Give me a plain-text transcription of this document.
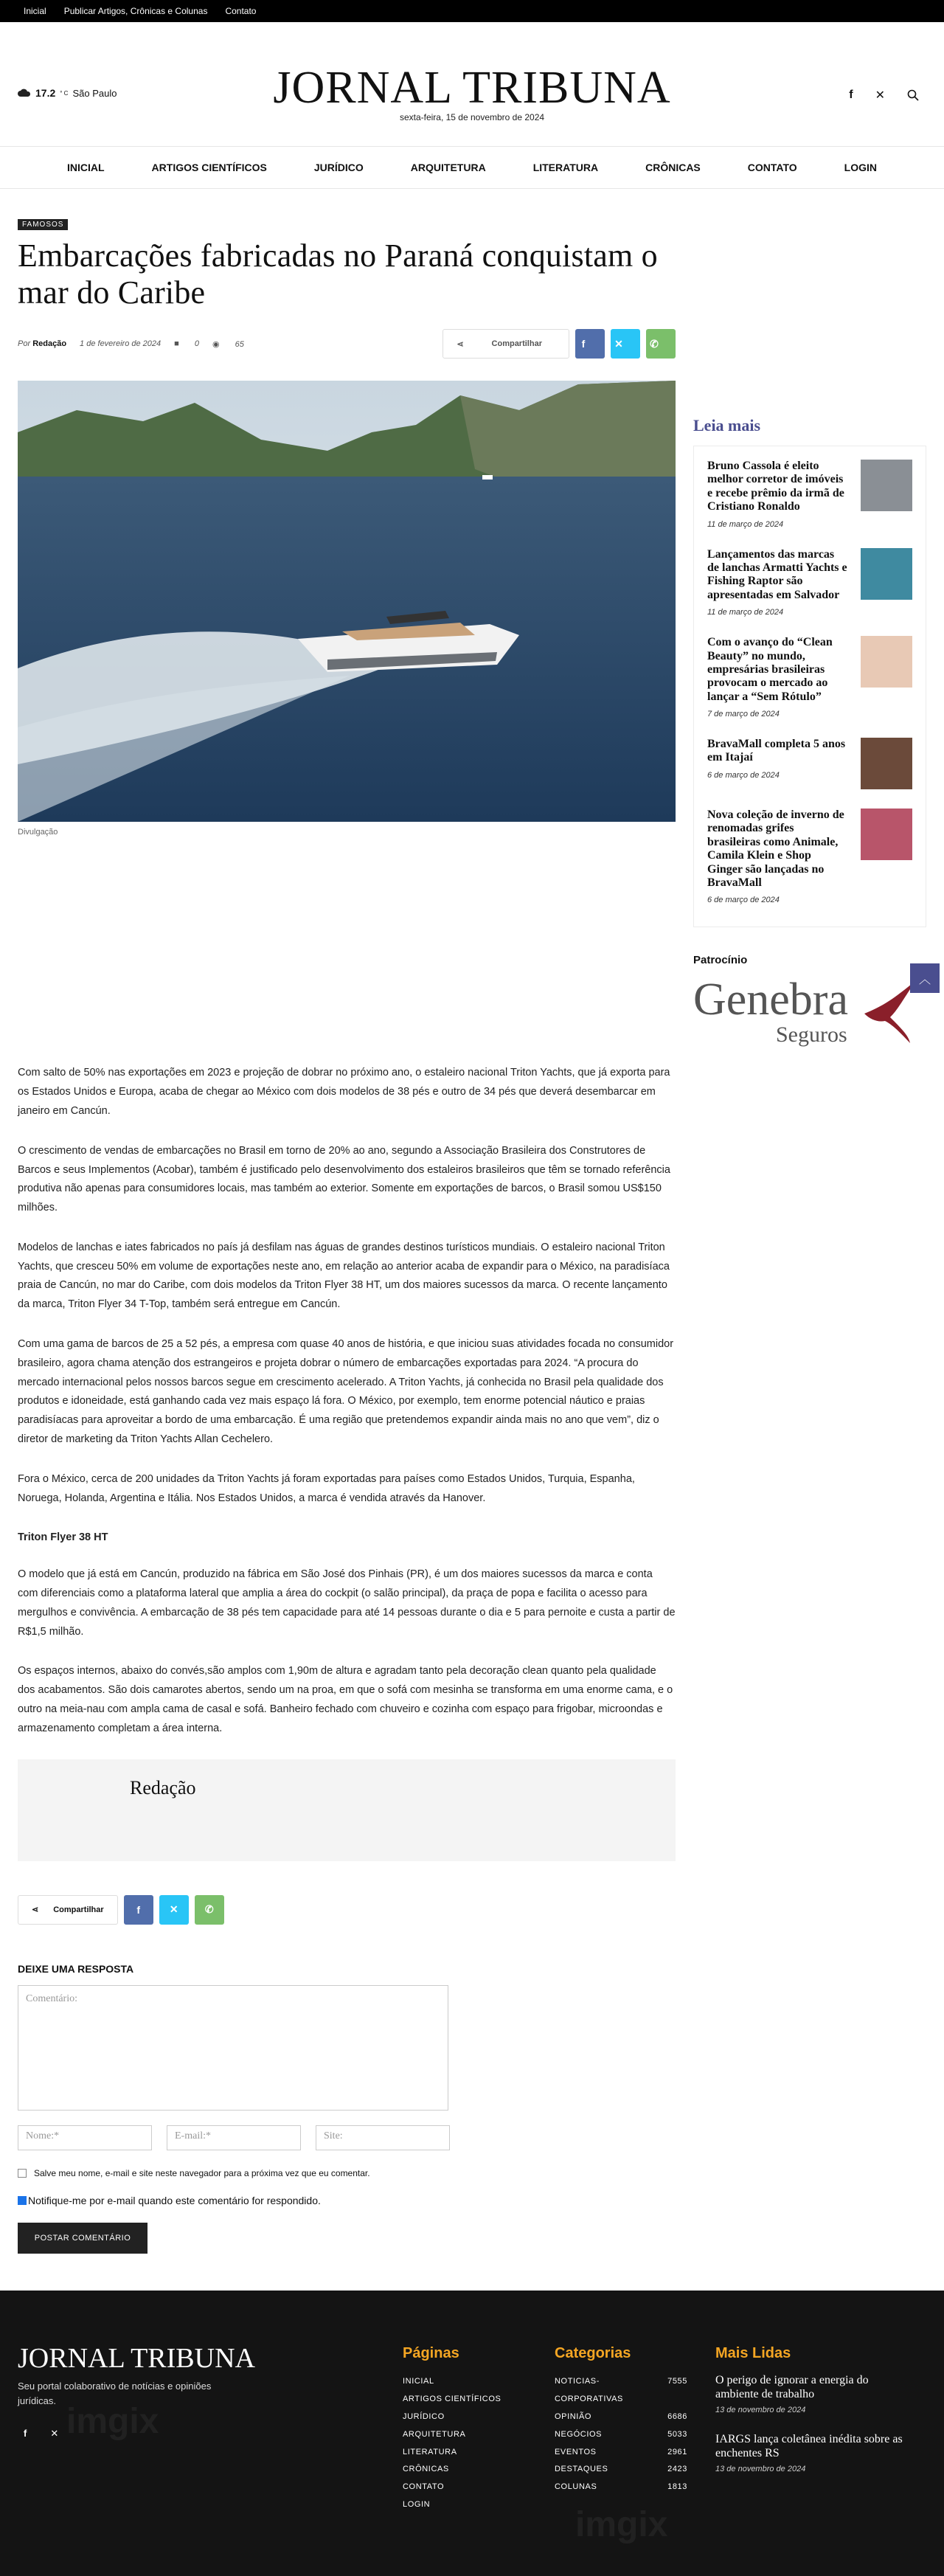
Inicial Publicar Artigos, Crônicas e Colunas Contato
17.2 ° C São Paulo	JORNAL TRIBUNA
sexta-feira, 15 de novembro de 2024
f ✕
INICIAL	ARTIGOS CIENTÍFICOS	JURÍDICO	ARQUITETURA	LITERATURA	CRÔNICAS	CONTATO	LOGIN
FAMOSOS
Embarcações fabricadas no Paraná conquistam o mar do Caribe
Por Redação 1 de fevereiro de 2024 ■ 0 ◉ 65	⋖	Compartilhar	f	✕	✆
Divulgação

Com salto de 50% nas exportações em 2023 e projeção de dobrar no próximo ano, o estaleiro nacional Triton Yachts, que já exporta para os Estados Unidos e Europa, acaba de chegar ao México com dois modelos de 38 pés e outro de 34 pés que deverá desembarcar em janeiro em Cancún.

O crescimento de vendas de embarcações no Brasil em torno de 20% ao ano, segundo a Associação Brasileira dos Construtores de Barcos e seus Implementos (Acobar), também é justificado pelo desenvolvimento dos estaleiros brasileiros que têm se tornado referência produtiva não apenas para consumidores locais, mas também ao exterior. Somente em exportações de barcos, o Brasil somou US$150 milhões.

Modelos de lanchas e iates fabricados no país já desfilam nas águas de grandes destinos turísticos mundiais. O estaleiro nacional Triton Yachts, que cresceu 50% em volume de exportações neste ano, em relação ao anterior acaba de expandir para o México, na paradisíaca praia de Cancún, no mar do Caribe, com dois modelos da Triton Flyer 38 HT, um dos maiores sucessos da marca. O recente lançamento da marca, Triton Flyer 34 T-Top, também será entregue em Cancún.

Com uma gama de barcos de 25 a 52 pés, a empresa com quase 40 anos de história, e que iniciou suas atividades focada no consumidor brasileiro, agora chama atenção dos estrangeiros e projeta dobrar o número de embarcações exportadas para 2024. “A procura do mercado internacional pelos nossos barcos segue em crescimento acelerado. A Triton Yachts, já conhecida no Brasil pela qualidade dos produtos e idoneidade, está ganhando cada vez mais espaço lá fora. O México, por exemplo, tem enorme potencial náutico e praias paradisíacas para aproveitar a bordo de uma embarcação. É uma região que pretendemos expandir ainda mais no ano que vem”, diz o diretor de marketing da Triton Yachts Allan Cechelero.

Fora o México, cerca de 200 unidades da Triton Yachts já foram exportadas para países como Estados Unidos, Turquia, Espanha, Noruega, Holanda, Argentina e Itália. Nos Estados Unidos, a marca é vendida através da Hanover.

Triton Flyer 38 HT

O modelo que já está em Cancún, produzido na fábrica em São José dos Pinhais (PR), é um dos maiores sucessos da marca e conta com diferenciais como a plataforma lateral que amplia a área do cockpit (o salão principal), da praça de popa e facilita o acesso para mergulhos e convivência. A embarcação de 38 pés tem capacidade para até 14 pessoas durante o dia e 5 para pernoite e custa a partir de R$1,5 milhão.

Os espaços internos, abaixo do convés,são amplos com 1,90m de altura e agradam tanto pela decoração clean quanto pela qualidade dos acabamentos. São dois camarotes abertos, sendo um na proa, em que o sofá com mesinha se transforma em uma enorme cama, e o outro na meia-nau com ampla cama de casal e sofá. Banheiro fechado com chuveiro e cozinha com espaço para frigobar, microondas e armazenamento completam a área interna.

Redação
⋖ Compartilhar	f	✕	✆
DEIXE UMA RESPOSTA
Comentário:
Nome:*	E-mail:*	Site:
Salve meu nome, e-mail e site neste navegador para a próxima vez que eu comentar.
Notifique-me por e-mail quando este comentário for respondido.
POSTAR COMENTÁRIO
Leia mais
Bruno Cassola é eleito melhor corretor de imóveis e recebe prêmio da irmã de Cristiano Ronaldo
11 de março de 2024
Lançamentos das marcas de lanchas Armatti Yachts e Fishing Raptor são apresentadas em Salvador
11 de março de 2024
Com o avanço do “Clean Beauty” no mundo, empresárias brasileiras provocam o mercado ao lançar a “Sem Rótulo”
7 de março de 2024
BravaMall completa 5 anos em Itajaí
6 de março de 2024
Nova coleção de inverno de renomadas grifes brasileiras como Animale, Camila Klein e Shop Ginger são lançadas no BravaMall
6 de março de 2024
Patrocínio
Genebra
Seguros
︿
imgix
imgix
JORNAL TRIBUNA
Seu portal colaborativo de notícias e opiniões jurídicas.
f ✕
Páginas
INICIAL
ARTIGOS CIENTÍFICOS
JURÍDICO
ARQUITETURA
LITERATURA
CRÔNICAS
CONTATO
LOGIN
Categorias
NOTICIAS-CORPORATIVAS
7555
OPINIÃO	6686
NEGÓCIOS	5033
EVENTOS	2961
DESTAQUES	2423
COLUNAS	1813
Mais Lidas
O perigo de ignorar a energia do ambiente de trabalho
13 de novembro de 2024
IARGS lança coletânea inédita sobre as enchentes RS
13 de novembro de 2024
